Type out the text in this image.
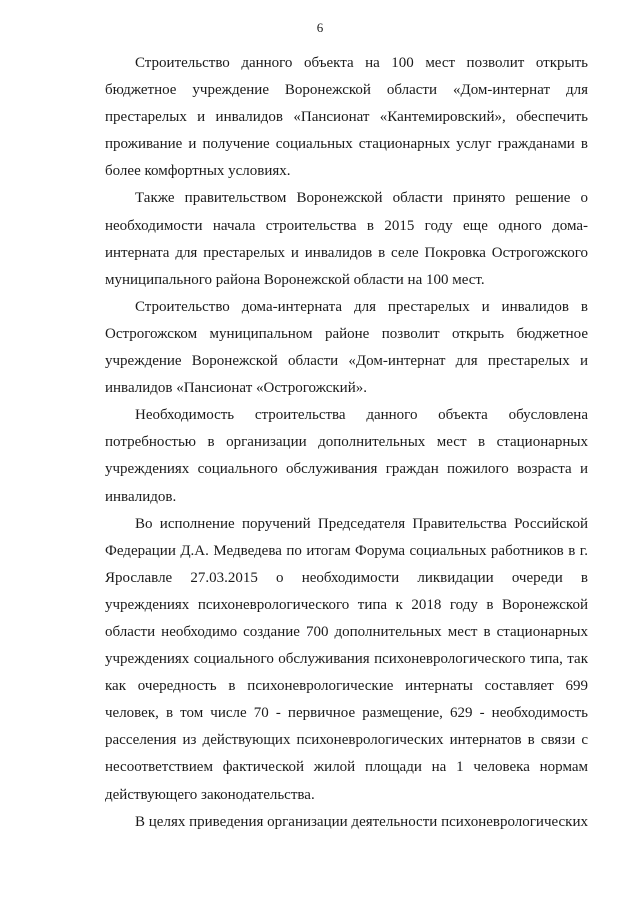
6

Строительство данного объекта на 100 мест позволит открыть
бюджетное учреждение Воронежской области «Дом-интернат для
престарелых и инвалидов «Пансионат «Кантемировский», обеспечить
проживание и получение социальных стационарных услуг гражданами в
более комфортных условиях.

Также правительством Воронежской области принято решение о
необходимости начала строительства в 2015 году еще одного дома-
интерната для престарелых и инвалидов в селе Покровка Острогожского
муниципального района Воронежской области на 100 мест.

Строительство дома-интерната для престарелых и инвалидов в
Острогожском муниципальном районе позволит открыть бюджетное
учреждение Воронежской области «Дом-интернат для престарелых и
инвалидов «Пансионат «Острогожский».

Необходимость строительства данного объекта обусловлена
потребностью в организации дополнительных мест в стационарных
учреждениях социального обслуживания граждан пожилого возраста и
инвалидов.

Во исполнение поручений Председателя Правительства Российской
Федерации Д.А. Медведева по итогам Форума социальных работников в г.
Ярославле 27.03.2015 о необходимости ликвидации очереди в
учреждениях психоневрологического типа к 2018 году в Воронежской
области необходимо создание 700 дополнительных мест в стационарных
учреждениях социального обслуживания психоневрологического типа, так
как очередность в психоневрологические интернаты составляет 699
человек, в том числе 70 - первичное размещение, 629 - необходимость
расселения из действующих психоневрологических интернатов в связи с
несоответствием фактической жилой площади на 1 человека нормам
действующего законодательства.

В целях приведения организации деятельности психоневрологических
